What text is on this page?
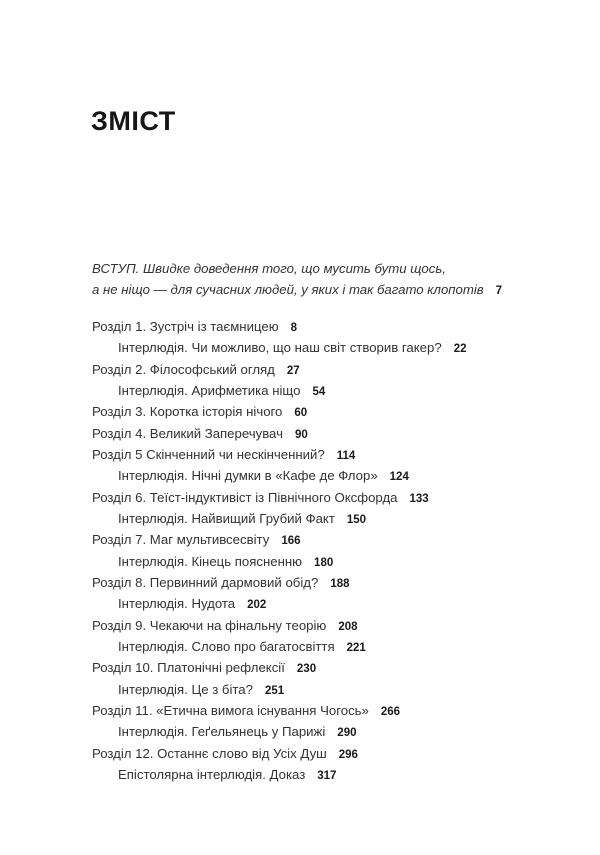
ЗМІСТ
ВСТУП. Швидке доведення того, що мусить бути щось,
а не ніщо — для сучасних людей, у яких і так багато клопотів 7
Розділ 1. Зустріч із таємницею 8
Інтерлюдія. Чи можливо, що наш світ створив гакер? 22
Розділ 2. Філософський огляд 27
Інтерлюдія. Арифметика ніщо 54
Розділ 3. Коротка історія нічого 60
Розділ 4. Великий Заперечувач 90
Розділ 5 Скінченний чи нескінченний? 114
Інтерлюдія. Нічні думки в «Кафе де Флор» 124
Розділ 6. Теїст-індуктивіст із Північного Оксфорда 133
Інтерлюдія. Найвищий Грубий Факт 150
Розділ 7. Маг мультивсесвіту 166
Інтерлюдія. Кінець поясненню 180
Розділ 8. Первинний дармовий обід? 188
Інтерлюдія. Нудота 202
Розділ 9. Чекаючи на фінальну теорію 208
Інтерлюдія. Слово про багатосвіття 221
Розділ 10. Платонічні рефлексії 230
Інтерлюдія. Це з біта? 251
Розділ 11. «Етична вимога існування Чогось» 266
Інтерлюдія. Геґельянець у Парижі 290
Розділ 12. Останнє слово від Усіх Душ 296
Епістолярна інтерлюдія. Доказ 317
